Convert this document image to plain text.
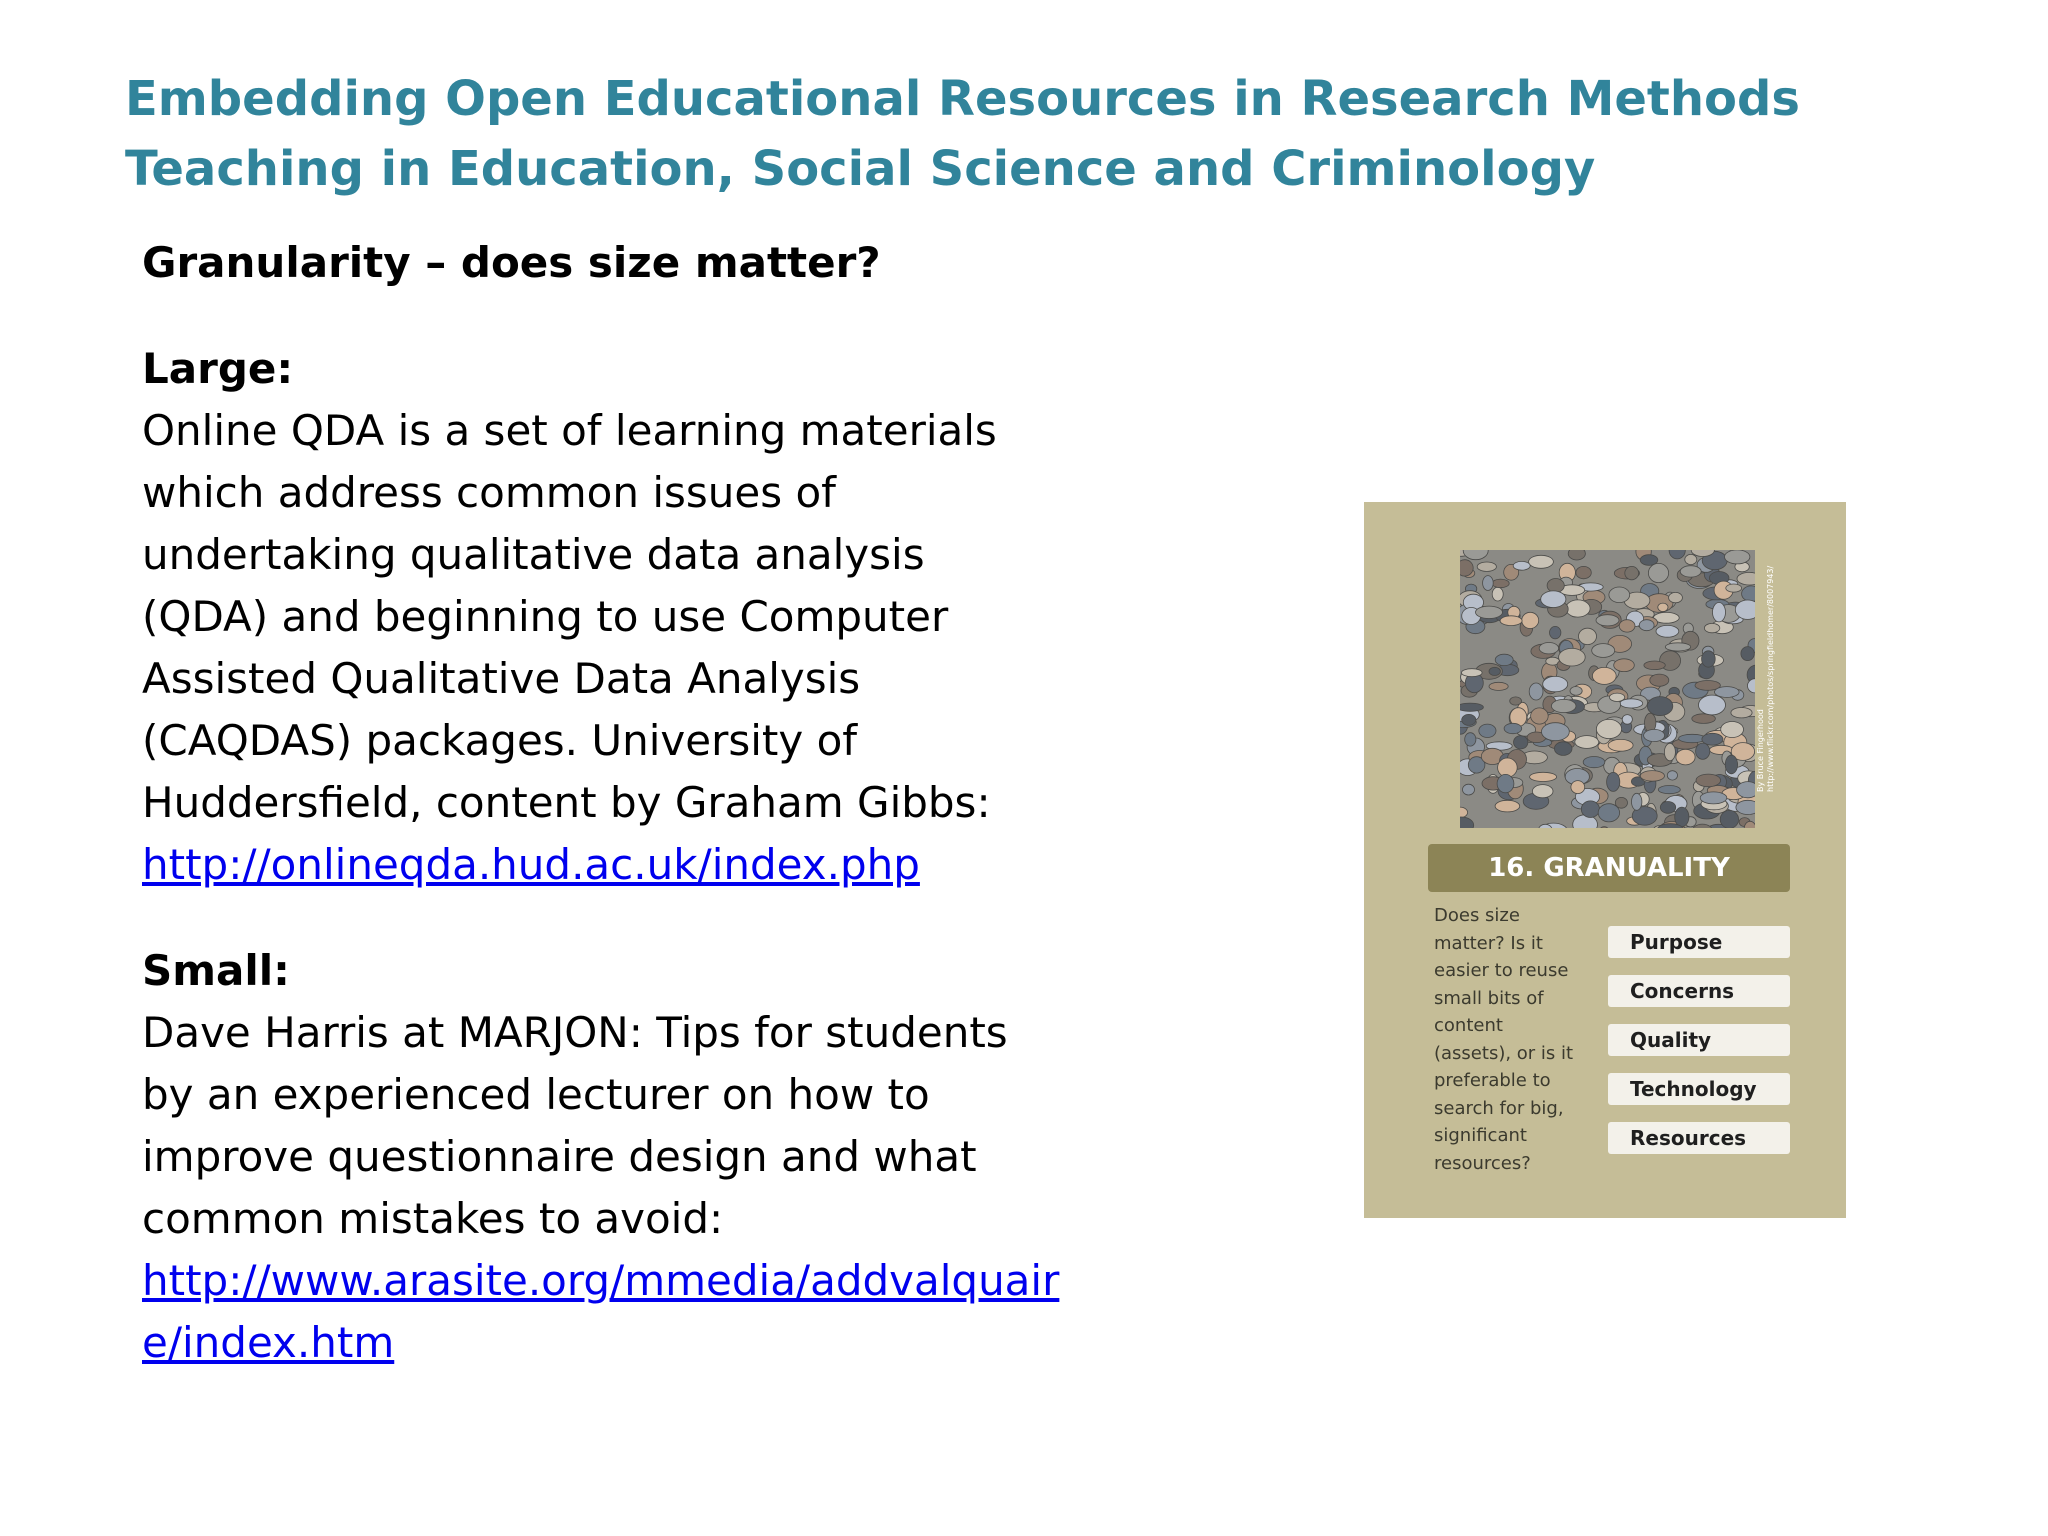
Embedding Open Educational Resources in Research Methods Teaching in Education, Social Science and Criminology

Granularity – does size matter?

Large:
Online QDA is a set of learning materials which address common issues of undertaking qualitative data analysis (QDA) and beginning to use Computer Assisted Qualitative Data Analysis (CAQDAS) packages. University of Huddersfield, content by Graham Gibbs:
http://onlineqda.hud.ac.uk/index.php
Small:
Dave Harris at MARJON: Tips for students by an experienced lecturer on how to improve questionnaire design and what common mistakes to avoid:
http://www.arasite.org/mmedia/addvalquaire/index.htm
By Bruce Fingerhood http://www.flickr.com/photos/springfieldhomer/8007943/
16. GRANUALITY
Does size matter? Is it easier to reuse small bits of content (assets), or is it preferable to search for big, significant resources?
Purpose
Concerns
Quality
Technology
Resources
